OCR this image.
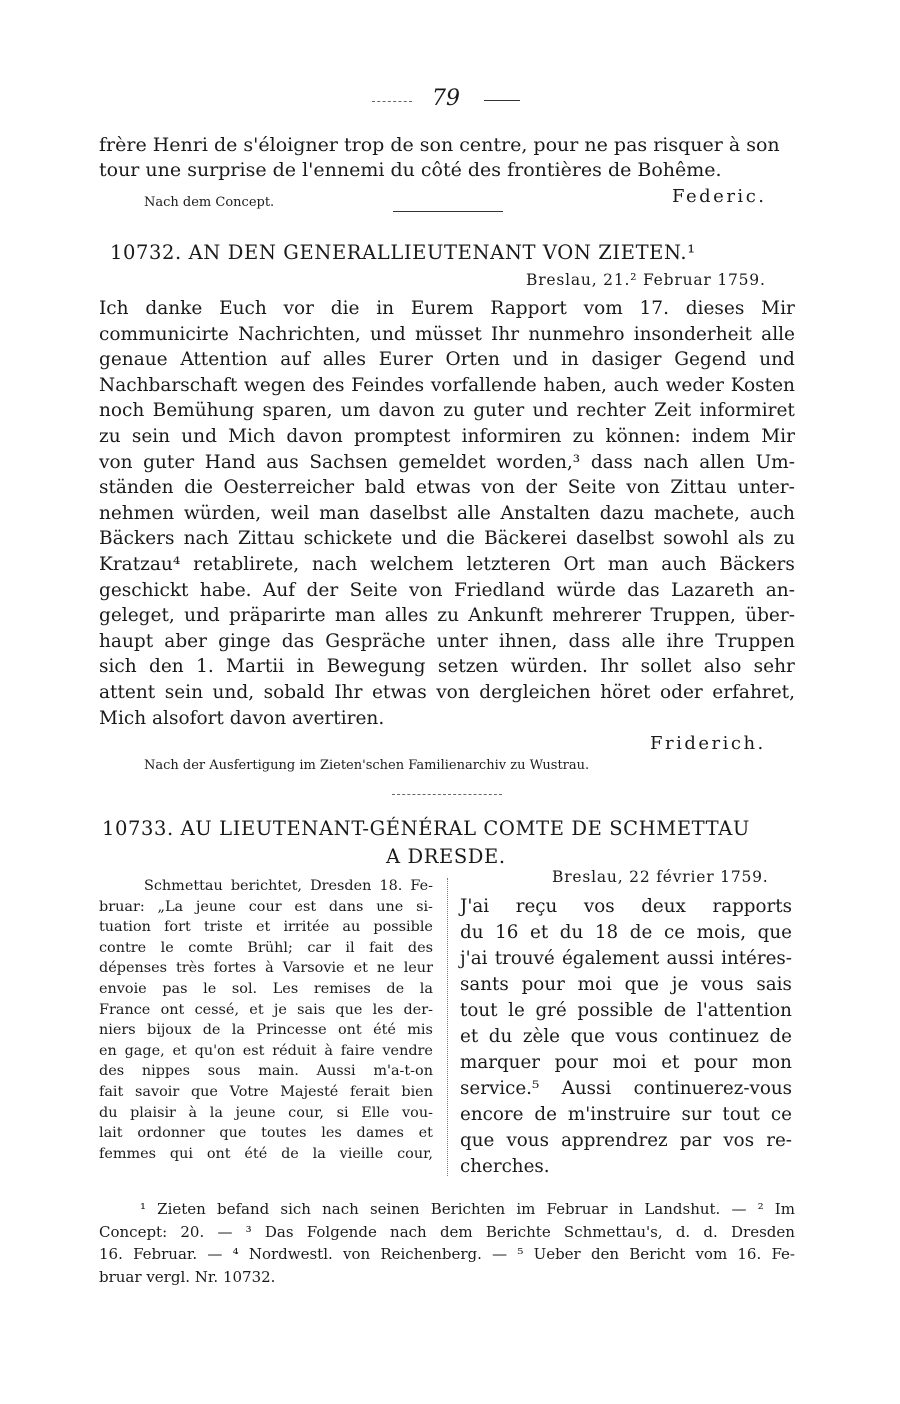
79
frère Henri de s'éloigner trop de son centre, pour ne pas risquer à son
tour une surprise de l'ennemi du côté des frontières de Bohême.
Nach dem Concept.	Federic.
10732. AN DEN GENERALLIEUTENANT VON ZIETEN.¹
Breslau, 21.² Februar 1759.
Ich danke Euch vor die in Eurem Rapport vom 17. dieses Mir
communicirte Nachrichten, und müsset Ihr nunmehro insonderheit alle
genaue Attention auf alles Eurer Orten und in dasiger Gegend und
Nachbarschaft wegen des Feindes vorfallende haben, auch weder Kosten
noch Bemühung sparen, um davon zu guter und rechter Zeit informiret
zu sein und Mich davon promptest informiren zu können: indem Mir
von guter Hand aus Sachsen gemeldet worden,³ dass nach allen Um-
ständen die Oesterreicher bald etwas von der Seite von Zittau unter-
nehmen würden, weil man daselbst alle Anstalten dazu machete, auch
Bäckers nach Zittau schickete und die Bäckerei daselbst sowohl als zu
Kratzau⁴ retablirete, nach welchem letzteren Ort man auch Bäckers
geschickt habe. Auf der Seite von Friedland würde das Lazareth an-
geleget, und präparirte man alles zu Ankunft mehrerer Truppen, über-
haupt aber ginge das Gespräche unter ihnen, dass alle ihre Truppen
sich den 1. Martii in Bewegung setzen würden. Ihr sollet also sehr
attent sein und, sobald Ihr etwas von dergleichen höret oder erfahret,
Mich alsofort davon avertiren.
Friderich.
Nach der Ausfertigung im Zieten'schen Familienarchiv zu Wustrau.
10733. AU LIEUTENANT-GÉNÉRAL COMTE DE SCHMETTAU
A DRESDE.
Schmettau berichtet, Dresden 18. Fe-
bruar: „La jeune cour est dans une si-
tuation fort triste et irritée au possible
contre le comte Brühl; car il fait des
dépenses très fortes à Varsovie et ne leur
envoie pas le sol. Les remises de la
France ont cessé, et je sais que les der-
niers bijoux de la Princesse ont été mis
en gage, et qu'on est réduit à faire vendre
des nippes sous main. Aussi m'a-t-on
fait savoir que Votre Majesté ferait bien
du plaisir à la jeune cour, si Elle vou-
lait ordonner que toutes les dames et
femmes qui ont été de la vieille cour,
Breslau, 22 février 1759.
J'ai reçu vos deux rapports
du 16 et du 18 de ce mois, que
j'ai trouvé également aussi intéres-
sants pour moi que je vous sais
tout le gré possible de l'attention
et du zèle que vous continuez de
marquer pour moi et pour mon
service.⁵ Aussi continuerez-vous
encore de m'instruire sur tout ce
que vous apprendrez par vos re-
cherches.
¹ Zieten befand sich nach seinen Berichten im Februar in Landshut. — ² Im
Concept: 20. — ³ Das Folgende nach dem Berichte Schmettau's, d. d. Dresden
16. Februar. — ⁴ Nordwestl. von Reichenberg. — ⁵ Ueber den Bericht vom 16. Fe-
bruar vergl. Nr. 10732.
